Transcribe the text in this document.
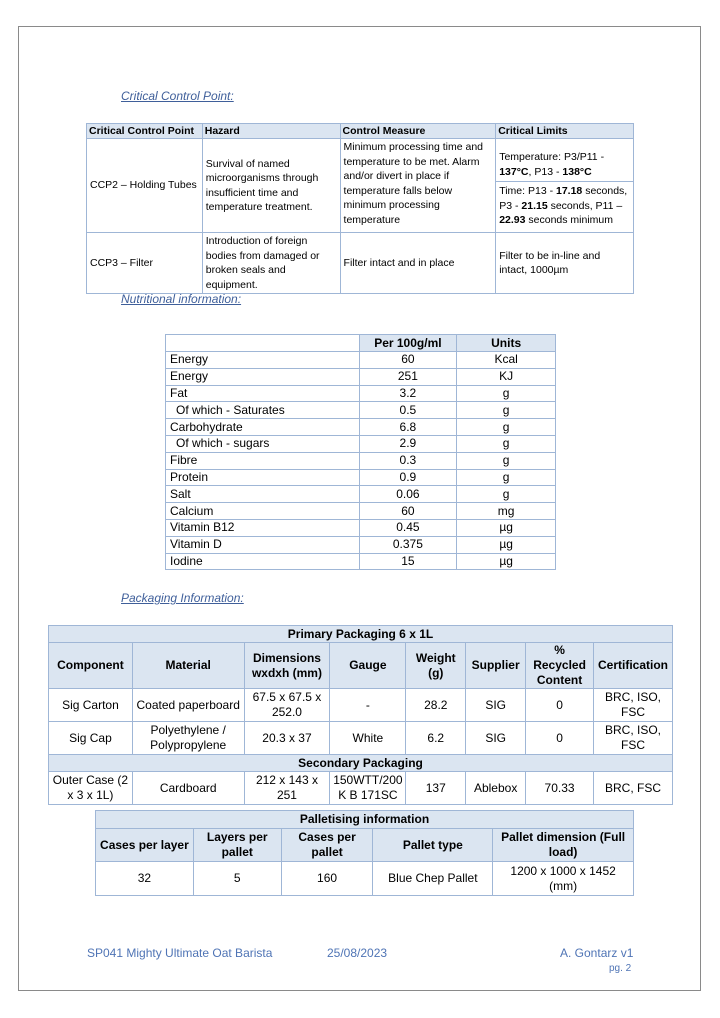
Critical Control Point:
Critical Control Point	Hazard	Control Measure	Critical Limits
CCP2 – Holding Tubes	Survival of named microorganisms through insufficient time and temperature treatment.	Minimum processing time and temperature to be met. Alarm and/or divert in place if temperature falls below minimum processing temperature	Temperature: P3/P11 - 137°C, P13 - 138°C
Time: P13 - 17.18 seconds, P3 - 21.15 seconds, P11 – 22.93 seconds minimum

CCP3 – Filter	Introduction of foreign bodies from damaged or broken seals and equipment.	Filter intact and in place	Filter to be in-line and intact, 1000µm
Nutritional information:
	Per 100g/ml	Units
Energy	60	Kcal
Energy	251	KJ
Fat	3.2	g
Of which - Saturates	0.5	g
Carbohydrate	6.8	g
Of which - sugars	2.9	g
Fibre	0.3	g
Protein	0.9	g
Salt	0.06	g
Calcium	60	mg
Vitamin B12	0.45	µg
Vitamin D	0.375	µg
Iodine	15	µg
Packaging Information:
Primary Packaging 6 x 1L							
Component	Material	Dimensions wxdxh (mm)	Gauge	Weight (g)	Supplier	% Recycled Content	Certification
Sig Carton	Coated paperboard	67.5 x 67.5 x 252.0	-	28.2	SIG	0	BRC, ISO, FSC
Sig Cap	Polyethylene / Polypropylene	20.3 x 37	White	6.2	SIG	0	BRC, ISO, FSC
Secondary Packaging							
Outer Case (2 x 3 x 1L)	Cardboard	212 x 143 x 251	150WTT/200 K B 171SC	137	Ablebox	70.33	BRC, FSC
Palletising information				
Cases per layer	Layers per pallet	Cases per pallet	Pallet type	Pallet dimension (Full load)
32	5	160	Blue Chep Pallet	1200 x 1000 x 1452 (mm)
SP041 Mighty Ultimate Oat Barista	25/08/2023	A. Gontarz v1
pg. 2
